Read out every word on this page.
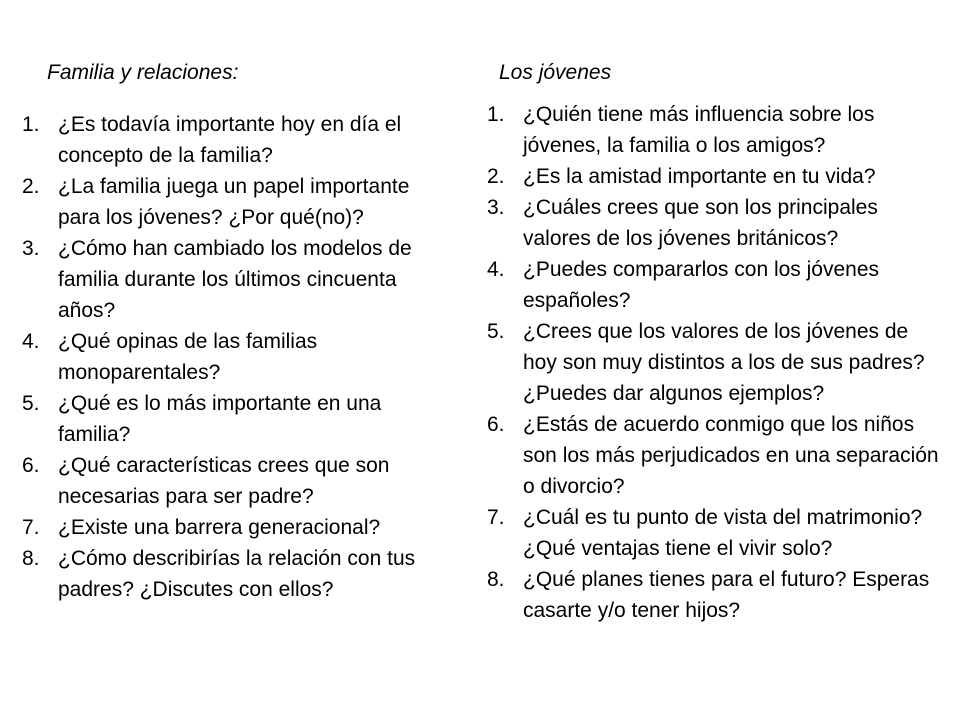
Familia y relaciones:	Los jóvenes
1. ¿Es todavía importante hoy en día el concepto de la familia?
2. ¿La familia juega un papel importante para los jóvenes? ¿Por qué(no)?
3. ¿Cómo han cambiado los modelos de familia durante los últimos cincuenta años?
4. ¿Qué opinas de las familias monoparentales?
5. ¿Qué es lo más importante en una familia?
6. ¿Qué características crees que son necesarias para ser padre?
7. ¿Existe una barrera generacional?
8. ¿Cómo describirías la relación con tus padres? ¿Discutes con ellos?
1. ¿Quién tiene más influencia sobre los jóvenes, la familia o los amigos?
2. ¿Es la amistad importante en tu vida?
3. ¿Cuáles crees que son los principales valores de los jóvenes británicos?
4. ¿Puedes compararlos con los jóvenes españoles?
5. ¿Crees que los valores de los jóvenes de hoy son muy distintos a los de sus padres? ¿Puedes dar algunos ejemplos?
6. ¿Estás de acuerdo conmigo que los niños son los más perjudicados en una separación o divorcio?
7. ¿Cuál es tu punto de vista del matrimonio? ¿Qué ventajas tiene el vivir solo?
8. ¿Qué planes tienes para el futuro? Esperas casarte y/o tener hijos?
